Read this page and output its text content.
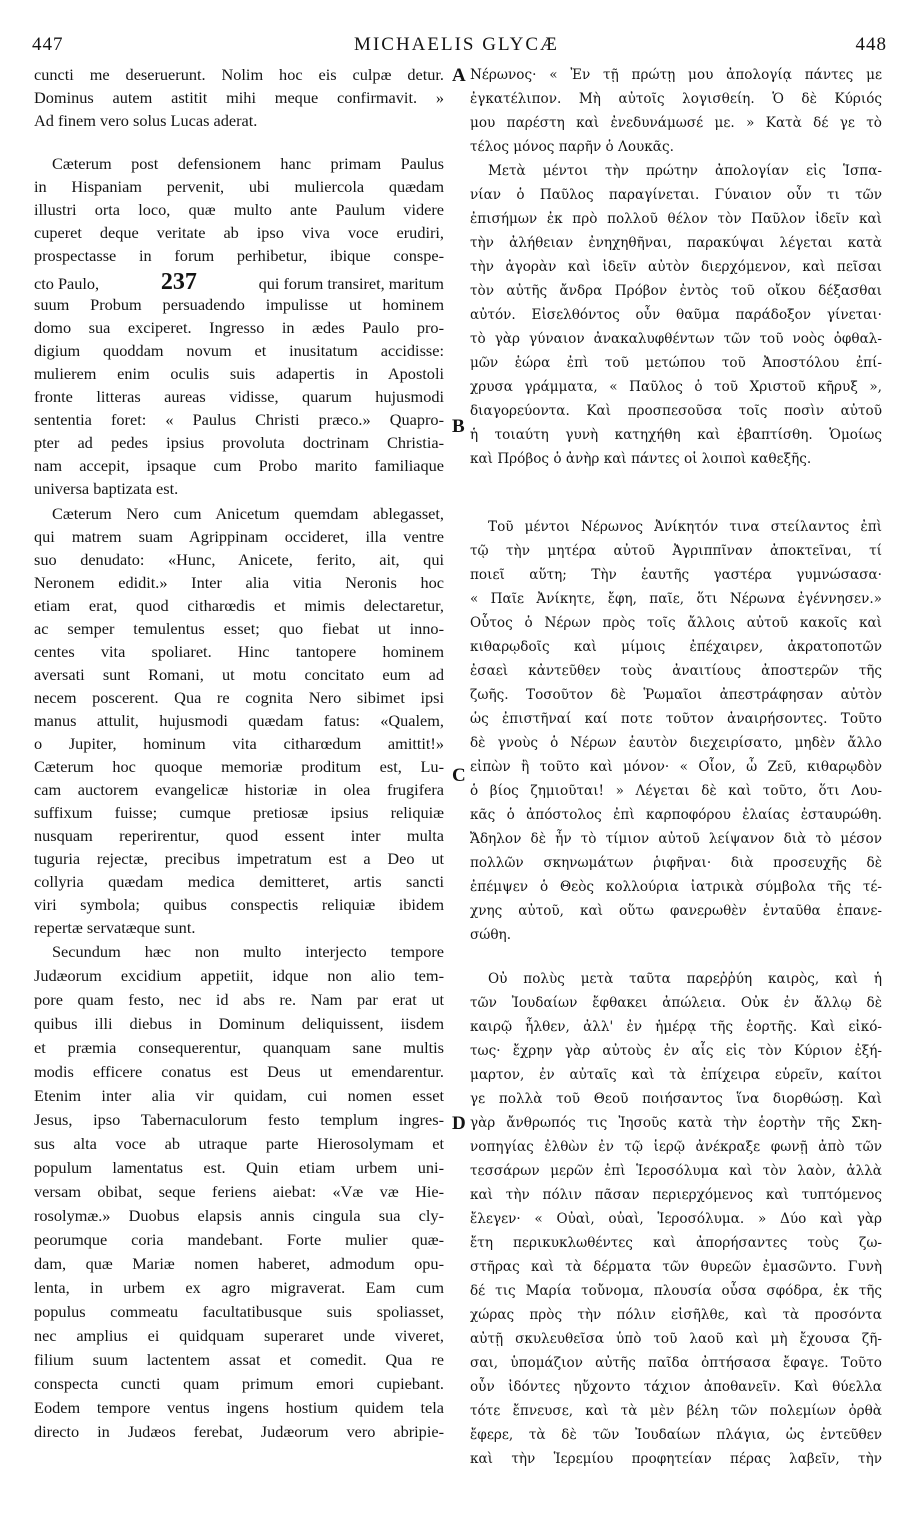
447	MICHAELIS GLYCÆ	448
A
B
C
D
cuncti me deseruerunt. Nolim hoc eis culpæ detur.
Dominus autem astitit mihi meque confirmavit. »
Ad finem vero solus Lucas aderat.
Cæterum post defensionem hanc primam Paulus
in Hispaniam pervenit, ubi muliercola quædam
illustri orta loco, quæ multo ante Paulum videre
cuperet deque veritate ab ipso viva voce erudiri,
prospectasse in forum perhibetur, ibique conspe-
cto Paulo,	237	qui forum transiret, maritum
suum Probum persuadendo impulisse ut hominem
domo sua exciperet. Ingresso in ædes Paulo pro-
digium quoddam novum et inusitatum accidisse:
mulierem enim oculis suis adapertis in Apostoli
fronte litteras aureas vidisse, quarum hujusmodi
sententia foret: « Paulus Christi præco.» Quapro-
pter ad pedes ipsius provoluta doctrinam Christia-
nam accepit, ipsaque cum Probo marito familiaque
universa baptizata est.
Cæterum Nero cum Anicetum quemdam ablegasset,
qui matrem suam Agrippinam occideret, illa ventre
suo denudato: «Hunc, Anicete, ferito, ait, qui
Neronem edidit.» Inter alia vitia Neronis hoc
etiam erat, quod citharœdis et mimis delectaretur,
ac semper temulentus esset; quo fiebat ut inno-
centes vita spoliaret. Hinc tantopere hominem
aversati sunt Romani, ut motu concitato eum ad
necem poscerent. Qua re cognita Nero sibimet ipsi
manus attulit, hujusmodi quædam fatus: «Qualem,
o Jupiter, hominum vita citharœdum amittit!»
Cæterum hoc quoque memoriæ proditum est, Lu-
cam auctorem evangelicæ historiæ in olea frugifera
suffixum fuisse; cumque pretiosæ ipsius reliquiæ
nusquam reperirentur, quod essent inter multa
tuguria rejectæ, precibus impetratum est a Deo ut
collyria quædam medica demitteret, artis sancti
viri symbola; quibus conspectis reliquiæ ibidem
repertæ servatæque sunt.
Secundum hæc non multo interjecto tempore
Judæorum excidium appetiit, idque non alio tem-
pore quam festo, nec id abs re. Nam par erat ut
quibus illi diebus in Dominum deliquissent, iisdem
et præmia consequerentur, quanquam sane multis
modis efficere conatus est Deus ut emendarentur.
Etenim inter alia vir quidam, cui nomen esset
Jesus, ipso Tabernaculorum festo templum ingres-
sus alta voce ab utraque parte Hierosolymam et
populum lamentatus est. Quin etiam urbem uni-
versam obibat, seque feriens aiebat: «Væ væ Hie-
rosolymæ.» Duobus elapsis annis cingula sua cly-
peorumque coria mandebant. Forte mulier quæ-
dam, quæ Mariæ nomen haberet, admodum opu-
lenta, in urbem ex agro migraverat. Eam cum
populus commeatu facultatibusque suis spoliasset,
nec amplius ei quidquam superaret unde viveret,
filium suum lactentem assat et comedit. Qua re
conspecta cuncti quam primum emori cupiebant.
Eodem tempore ventus ingens hostium quidem tela
directo in Judæos ferebat, Judæorum vero abripie-
Νέρωνος· « Ἐν τῇ πρώτῃ μου ἀπολογίᾳ πάντες με
ἐγκατέλιπον. Μὴ αὐτοῖς λογισθείη. Ὁ δὲ Κύριός
μου παρέστη καὶ ἐνεδυνάμωσέ με. » Κατὰ δέ γε τὸ
τέλος μόνος παρῆν ὁ Λουκᾶς.
Μετὰ μέντοι τὴν πρώτην ἀπολογίαν εἰς Ἱσπα-
νίαν ὁ Παῦλος παραγίνεται. Γύναιον οὖν τι τῶν
ἐπισήμων ἐκ πρὸ πολλοῦ θέλον τὸν Παῦλον ἰδεῖν καὶ
τὴν ἀλήθειαν ἐνηχηθῆναι, παρακύψαι λέγεται κατὰ
τὴν ἀγορὰν καὶ ἰδεῖν αὐτὸν διερχόμενον, καὶ πεῖσαι
τὸν αὐτῆς ἄνδρα Πρόβον ἐντὸς τοῦ οἴκου δέξασθαι
αὐτόν. Εἰσελθόντος οὖν θαῦμα παράδοξον γίνεται·
τὸ γὰρ γύναιον ἀνακαλυφθέντων τῶν τοῦ νοὸς ὀφθαλ-
μῶν ἑώρα ἐπὶ τοῦ μετώπου τοῦ Ἀποστόλου ἐπί-
χρυσα γράμματα, « Παῦλος ὁ τοῦ Χριστοῦ κῆρυξ »,
διαγορεύοντα. Καὶ προσπεσοῦσα τοῖς ποσὶν αὐτοῦ
ἡ τοιαύτη γυνὴ κατηχήθη καὶ ἐβαπτίσθη. Ὁμοίως
καὶ Πρόβος ὁ ἀνὴρ καὶ πάντες οἱ λοιποὶ καθεξῆς.
Τοῦ μέντοι Νέρωνος Ἀνίκητόν τινα στείλαντος ἐπὶ
τῷ τὴν μητέρα αὐτοῦ Ἀγριππῖναν ἀποκτεῖναι, τί
ποιεῖ αὕτη; Τὴν ἑαυτῆς γαστέρα γυμνώσασα·
« Παῖε Ἀνίκητε, ἔφη, παῖε, ὅτι Νέρωνα ἐγέννησεν.»
Οὗτος ὁ Νέρων πρὸς τοῖς ἄλλοις αὐτοῦ κακοῖς καὶ
κιθαρῳδοῖς καὶ μίμοις ἐπέχαιρεν, ἀκρατοποτῶν
ἐσαεὶ κἀντεῦθεν τοὺς ἀναιτίους ἀποστερῶν τῆς
ζωῆς. Τοσοῦτον δὲ Ῥωμαῖοι ἀπεστράφησαν αὐτὸν
ὡς ἐπιστῆναί καί ποτε τοῦτον ἀναιρήσοντες. Τοῦτο
δὲ γνοὺς ὁ Νέρων ἑαυτὸν διεχειρίσατο, μηδὲν ἄλλο
εἰπὼν ἢ τοῦτο καὶ μόνον· « Οἷον, ὦ Ζεῦ, κιθαρῳδὸν
ὁ βίος ζημιοῦται! » Λέγεται δὲ καὶ τοῦτο, ὅτι Λου-
κᾶς ὁ ἀπόστολος ἐπὶ καρποφόρου ἐλαίας ἐσταυρώθη.
Ἄδηλον δὲ ἦν τὸ τίμιον αὐτοῦ λείψανον διὰ τὸ μέσον
πολλῶν σκηνωμάτων ῥιφῆναι· διὰ προσευχῆς δὲ
ἐπέμψεν ὁ Θεὸς κολλούρια ἰατρικὰ σύμβολα τῆς τέ-
χνης αὐτοῦ, καὶ οὕτω φανερωθὲν ἐνταῦθα ἐπανε-
σώθη.
Οὐ πολὺς μετὰ ταῦτα παρεῤῥύη καιρὸς, καὶ ἡ
τῶν Ἰουδαίων ἔφθακει ἀπώλεια. Οὐκ ἐν ἄλλῳ δὲ
καιρῷ ἦλθεν, ἀλλ' ἐν ἡμέρᾳ τῆς ἑορτῆς. Καὶ εἰκό-
τως· ἔχρην γὰρ αὐτοὺς ἐν αἷς εἰς τὸν Κύριον ἐξή-
μαρτον, ἐν αὐταῖς καὶ τὰ ἐπίχειρα εὑρεῖν, καίτοι
γε πολλὰ τοῦ Θεοῦ ποιήσαντος ἵνα διορθώσῃ. Καὶ
γὰρ ἄνθρωπός τις Ἰησοῦς κατὰ τὴν ἑορτὴν τῆς Σκη-
νοπηγίας ἐλθὼν ἐν τῷ ἱερῷ ἀνέκραξε φωνῇ ἀπὸ τῶν
τεσσάρων μερῶν ἐπὶ Ἱεροσόλυμα καὶ τὸν λαὸν, ἀλλὰ
καὶ τὴν πόλιν πᾶσαν περιερχόμενος καὶ τυπτόμενος
ἔλεγεν· « Οὐαὶ, οὐαὶ, Ἱεροσόλυμα. » Δύο καὶ γὰρ
ἔτη περικυκλωθέντες καὶ ἀπορήσαντες τοὺς ζω-
στῆρας καὶ τὰ δέρματα τῶν θυρεῶν ἐμασῶντο. Γυνὴ
δέ τις Μαρία τοὔνομα, πλουσία οὖσα σφόδρα, ἐκ τῆς
χώρας πρὸς τὴν πόλιν εἰσῆλθε, καὶ τὰ προσόντα
αὐτῇ σκυλευθεῖσα ὑπὸ τοῦ λαοῦ καὶ μὴ ἔχουσα ζῆ-
σαι, ὑπομάζιον αὐτῆς παῖδα ὀπτήσασα ἔφαγε. Τοῦτο
οὖν ἰδόντες ηὔχοντο τάχιον ἀποθανεῖν. Καὶ θύελλα
τότε ἔπνευσε, καὶ τὰ μὲν βέλη τῶν πολεμίων ὀρθὰ
ἔφερε, τὰ δὲ τῶν Ἰουδαίων πλάγια, ὡς ἐντεῦθεν
καὶ τὴν Ἱερεμίου προφητείαν πέρας λαβεῖν, τὴν
